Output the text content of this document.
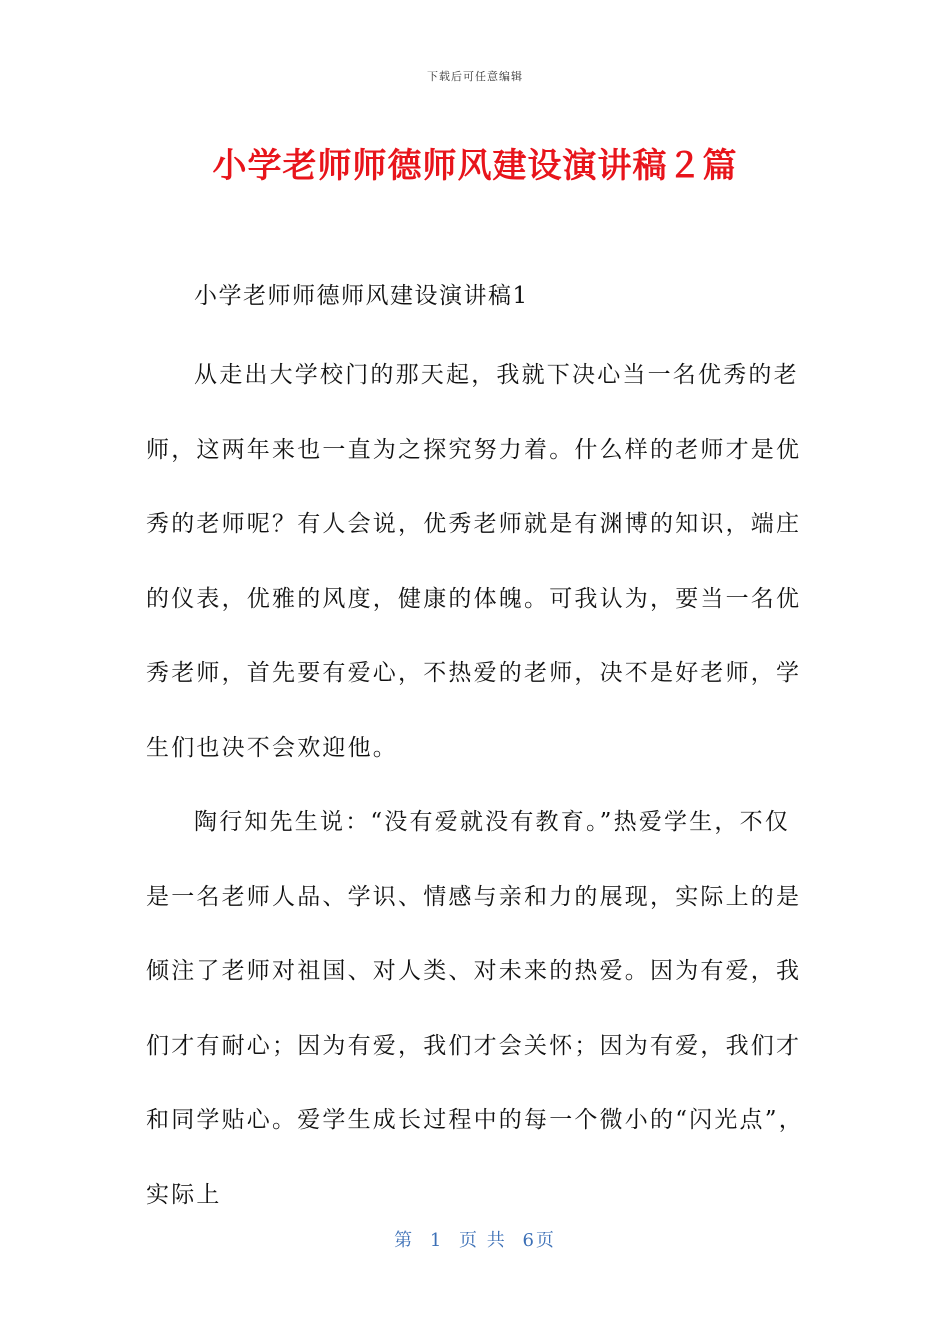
下载后可任意编辑
小学老师师德师风建设演讲稿２篇

小学老师师德师风建设演讲稿1

从走出大学校门的那天起，我就下决心当一名优秀的老师，这两年来也一直为之探究努力着。什么样的老师才是优秀的老师呢？有人会说，优秀老师就是有渊博的知识，端庄的仪表，优雅的风度，健康的体魄。可我认为，要当一名优秀老师，首先要有爱心，不热爱的老师，决不是好老师，学生们也决不会欢迎他。

陶行知先生说：“没有爱就没有教育。”热爱学生，不仅是一名老师人品、学识、情感与亲和力的展现，实际上的是倾注了老师对祖国、对人类、对未来的热爱。因为有爱，我们才有耐心；因为有爱，我们才会关怀；因为有爱，我们才和同学贴心。爱学生成长过程中的每一个微小的“闪光点”，实际上

第 1 页 共 6页
